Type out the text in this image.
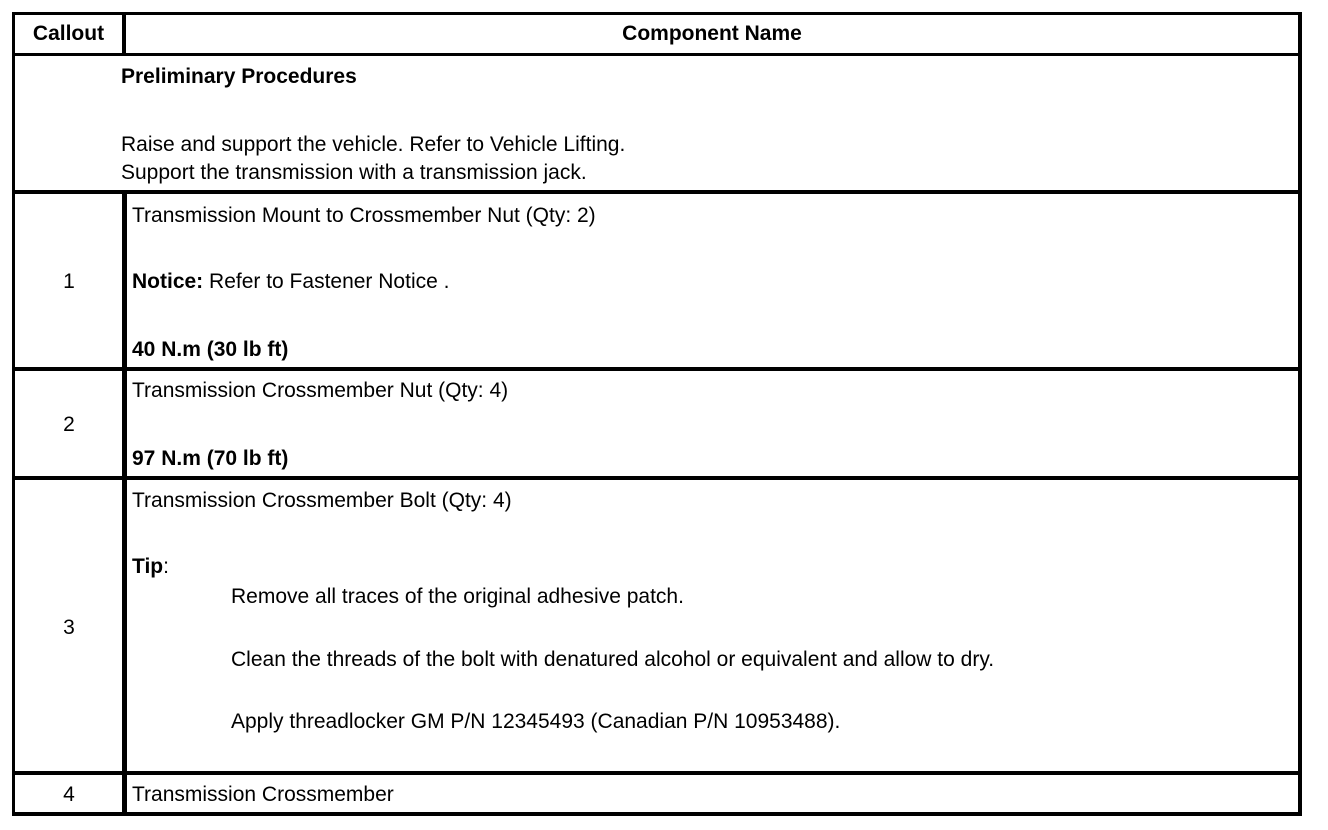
Callout	Component Name
Preliminary Procedures
Raise and support the vehicle. Refer to Vehicle Lifting.
Support the transmission with a transmission jack.
1
Transmission Mount to Crossmember Nut (Qty: 2)
Notice: Refer to Fastener Notice .
40 N.m (30 lb ft)
2
Transmission Crossmember Nut (Qty: 4)
97 N.m (70 lb ft)
3
Transmission Crossmember Bolt (Qty: 4)
Tip:
Remove all traces of the original adhesive patch.
Clean the threads of the bolt with denatured alcohol or equivalent and allow to dry.
Apply threadlocker GM P/N 12345493 (Canadian P/N 10953488).
4	Transmission Crossmember
